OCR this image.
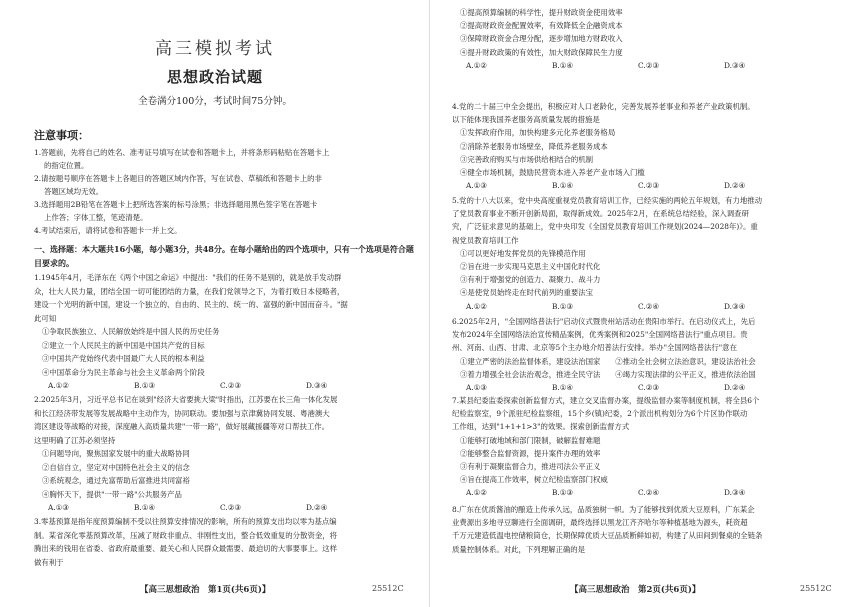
高三模拟考试
思想政治试题
全卷满分100分，考试时间75分钟。
注意事项：

1.答题前，先将自己的姓名、准考证号填写在试卷和答题卡上，并将条形码粘贴在答题卡上

的指定位置。

2.请按题号顺序在答题卡上各题目的答题区域内作答，写在试卷、草稿纸和答题卡上的非

答题区域均无效。

3.选择题用2B铅笔在答题卡上把所选答案的标号涂黑；非选择题用黑色签字笔在答题卡

上作答；字体工整，笔迹清楚。

4.考试结束后，请将试卷和答题卡一并上交。

一、选择题：本大题共16小题，每小题3分，共48分。在每小题给出的四个选项中，只有一个选项是符合题目要求的。

1.1945年4月，毛泽东在《两个中国之命运》中提出："我们的任务不是别的，就是放手发动群

众，壮大人民力量，团结全国一切可能团结的力量，在我们党领导之下，为着打败日本侵略者，

建设一个光明的新中国，建设一个独立的、自由的、民主的、统一的、富强的新中国而奋斗。"据

此可知

①争取民族独立、人民解放始终是中国人民的历史任务

②建立一个人民民主的新中国是中国共产党的目标

③中国共产党始终代表中国最广大人民的根本利益

④中国革命分为民主革命与社会主义革命两个阶段

A.①②	B.①③	C.②③	D.③④

2.2025年3月，习近平总书记在谈到"经济大省要挑大梁"时指出，江苏要在长三角一体化发展

和长江经济带发展等发展战略中主动作为，协同联动。要加强与京津冀协同发展、粤港澳大

湾区建设等战略的对接，深度融入高质量共建"一带一路"，做好展藏援疆等对口帮扶工作。

这里明确了江苏必须坚持

①问题导向，聚焦国家发展中的重大战略协同

②自信自立，坚定对中国特色社会主义的信念

③系统观念，通过先富帮助后富推进共同富裕

④胸怀天下，提供"一带一路"公共服务产品

A.①③	B.①④	C.②③	D.②④

3.零基预算是指年度预算编制不受以往预算安排情况的影响，所有的预算支出均以零为基点编

制。某省深化零基预算改革，压减了财政非重点、非刚性支出，整合低效重复的分散资金，将

腾出来的钱用在省委、省政府最重要、最关心和人民群众最需要、最迫切的大事要事上。这样

做有利于

【高三思想政治　第1页(共6页)】	25512C

①提高预算编制的科学性，提升财政资金使用效率

②提高财政资金配置效率，有效降低全企融资成本

③保障财政资金合理分配，逐步增加地方财政收入

④提升财政政策的有效性，加大财政保障民生力度

A.①②	B.①④	C.②③	D.③④

4.党的二十届三中全会提出，积极应对人口老龄化，完善发展养老事业和养老产业政策机制。

以下能体现我国养老服务高质量发展的措施是

①发挥政府作用，加快构建多元化养老服务格局

②消除养老服务市场壁垒，降低养老服务成本

③完善政府购买与市场供给相结合的机制

④健全市场机制，鼓励民营资本进入养老产业市场入门槛

A.①③	B.①④	C.②③	D.②④

5.党的十八大以来，党中央高度重视党员教育培训工作，已经实施的两轮五年规划，有力地推动

了党员教育事业不断开创新局面，取得新成效。2025年2月，在系统总结经验，深入调查研

究，广泛征求意见的基础上，党中央印发《全国党员教育培训工作规划(2024—2028年)》。重

视党员教育培训工作

①可以更好地发挥党员的先锋模范作用

②旨在进一步实现马克思主义中国化时代化

③有利于增强党的创造力、凝聚力、战斗力

④是使党员始终走在时代前列的重要法宝

A.①②	B.①③	C.②④	D.③④

6.2025年2月，"全国网络普法行"启动仪式暨贵州站活动在贵阳市举行。在启动仪式上，先后

发布2024年全国网络法治宣传精品案例，优秀案例和2025"全国网络普法行"重点项目。贵

州、河南、山西、甘肃、北京等5个主办地介绍普法行安排。举办"全国网络普法行"意在

①建立严密的法治监督体系，建设法治国家　　②推动全社会树立法治意识，建设法治社会

③着力增强全社会法治观念，推进全民守法　　④竭力实现法律的公平正义，推进依法治国

A.①③	B.①④	C.②③	D.②④

7.某县纪委监委探索创新监督方式，建立交叉监督办案，提级监督办案等制度机制，将全县6个

纪检监察室，9个派驻纪检监察组，15个乡(镇)纪委，2个派出机构划分为6个片区协作联动

工作组，达到"1+1+1>3"的效果。探索创新监督方式

①能够打破地域和部门限制，破解监督难题

②能够整合监督资源，提升案件办理的效率

③有利于凝聚监督合力，推进司法公平正义

④旨在提高工作效率，树立纪检监察部门权威

A.①②	B.①③	C.②④	D.③④

8.广东在优质酱油的酿造上传承久远，品质独树一帜。为了能够找到优质大豆原料，广东某企

业费源出多地寻豆聊进行全面调研，最终选择以黑龙江齐齐哈尔等种植基地为源头，耗资超

千万元建造低温电控储粮筒仓，长期保障优质大豆品质断鲜如初，构建了从田间到餐桌的全链条

质量控制体系。对此，下列理解正确的是

【高三思想政治　第2页(共6页)】	25512C
